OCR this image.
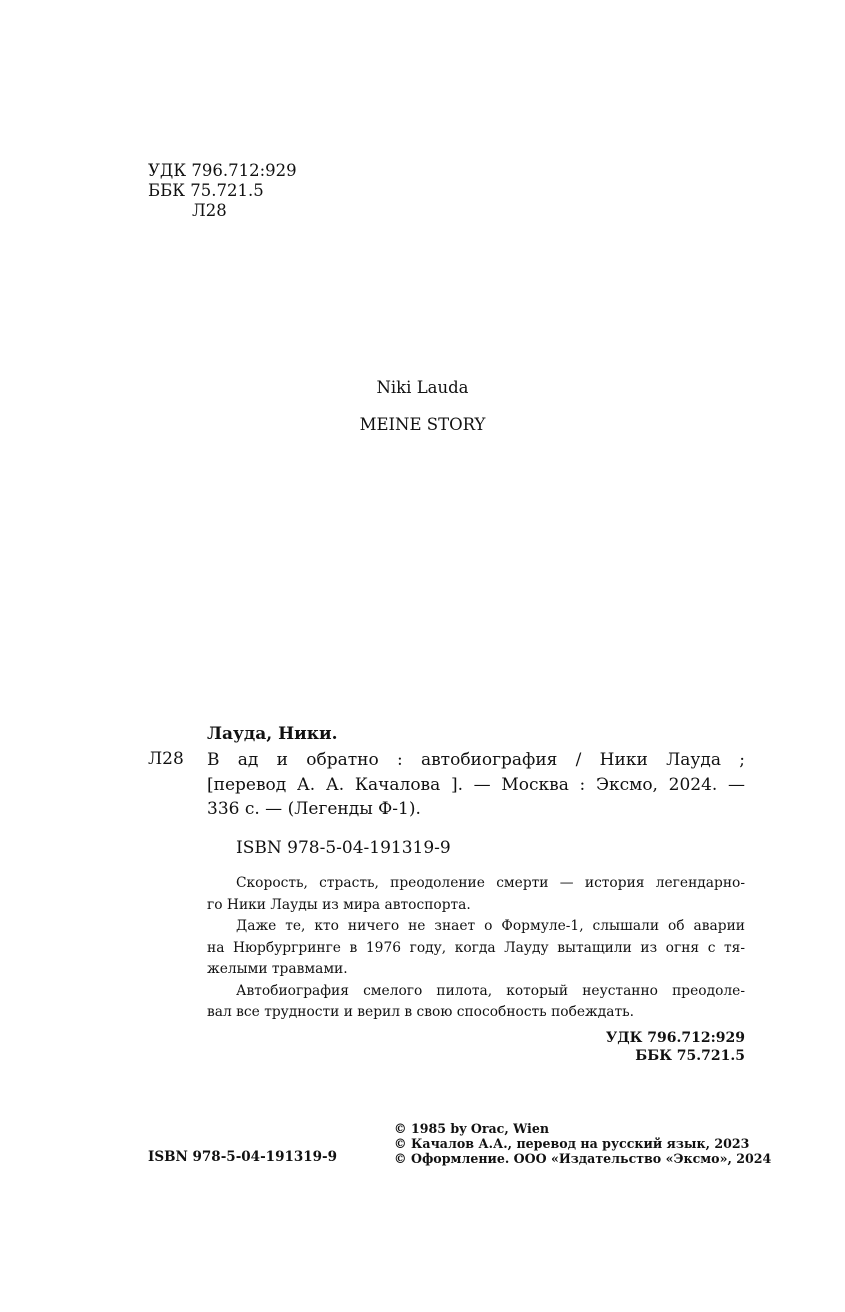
УДК 796.712:929
ББК 75.721.5
Л28
Niki Lauda
MEINE STORY
Лауда, Ники.
Л28 В ад и обратно : автобиография / Ники Лауда ;
[перевод А. А. Качалова ]. — Москва : Эксмо, 2024. —
336 с. — (Легенды Ф-1).
ISBN 978-5-04-191319-9
Скорость, страсть, преодоление смерти — история легендарно-
го Ники Лауды из мира автоспорта.
Даже те, кто ничего не знает о Формуле-1, слышали об аварии
на Нюрбургринге в 1976 году, когда Лауду вытащили из огня с тя-
желыми травмами.
Автобиография смелого пилота, который неустанно преодоле-
вал все трудности и верил в свою способность побеждать.
УДК 796.712:929
ББК 75.721.5
ISBN 978-5-04-191319-9
© 1985 by Orac, Wien
© Качалов А.А., перевод на русский язык, 2023
© Оформление. ООО «Издательство «Эксмо», 2024
